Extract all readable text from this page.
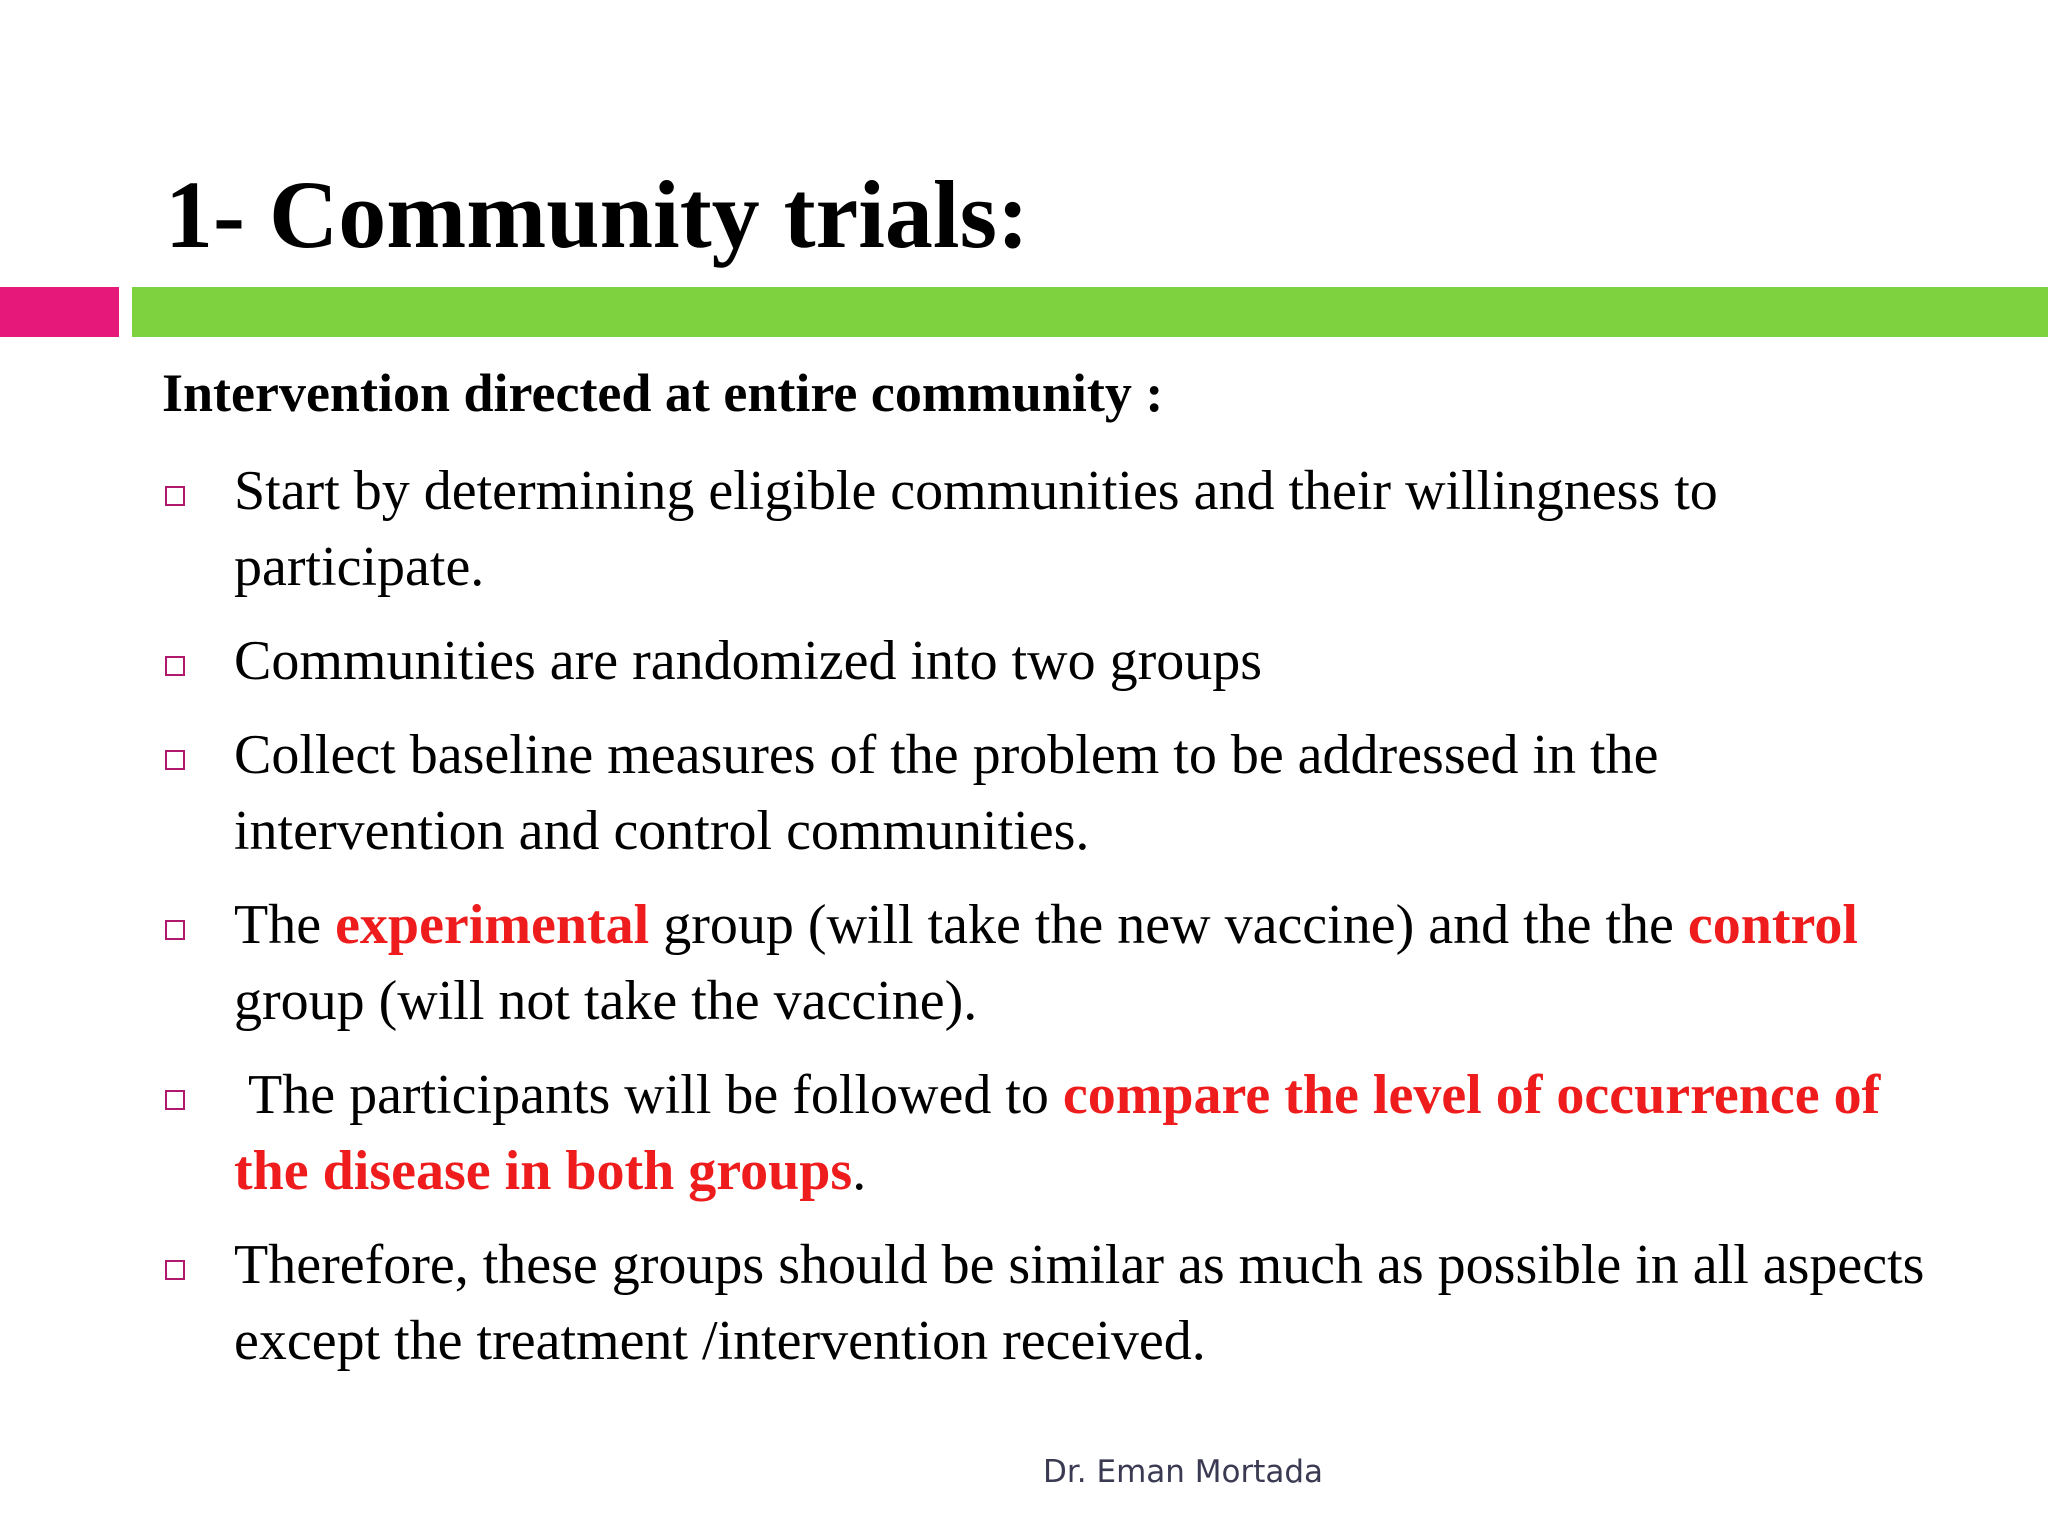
1- Community trials:
Intervention directed at entire community :
Start by determining eligible communities and their willingness to participate.
Communities are randomized into two groups
Collect baseline measures of the problem to be addressed in the intervention and control communities.
The experimental group (will take the new vaccine) and the the control group (will not take the vaccine).
The participants will be followed to compare the level of occurrence of the disease in both groups.
Therefore, these groups should be similar as much as possible in all aspects except the treatment /intervention received.
Dr. Eman Mortada
